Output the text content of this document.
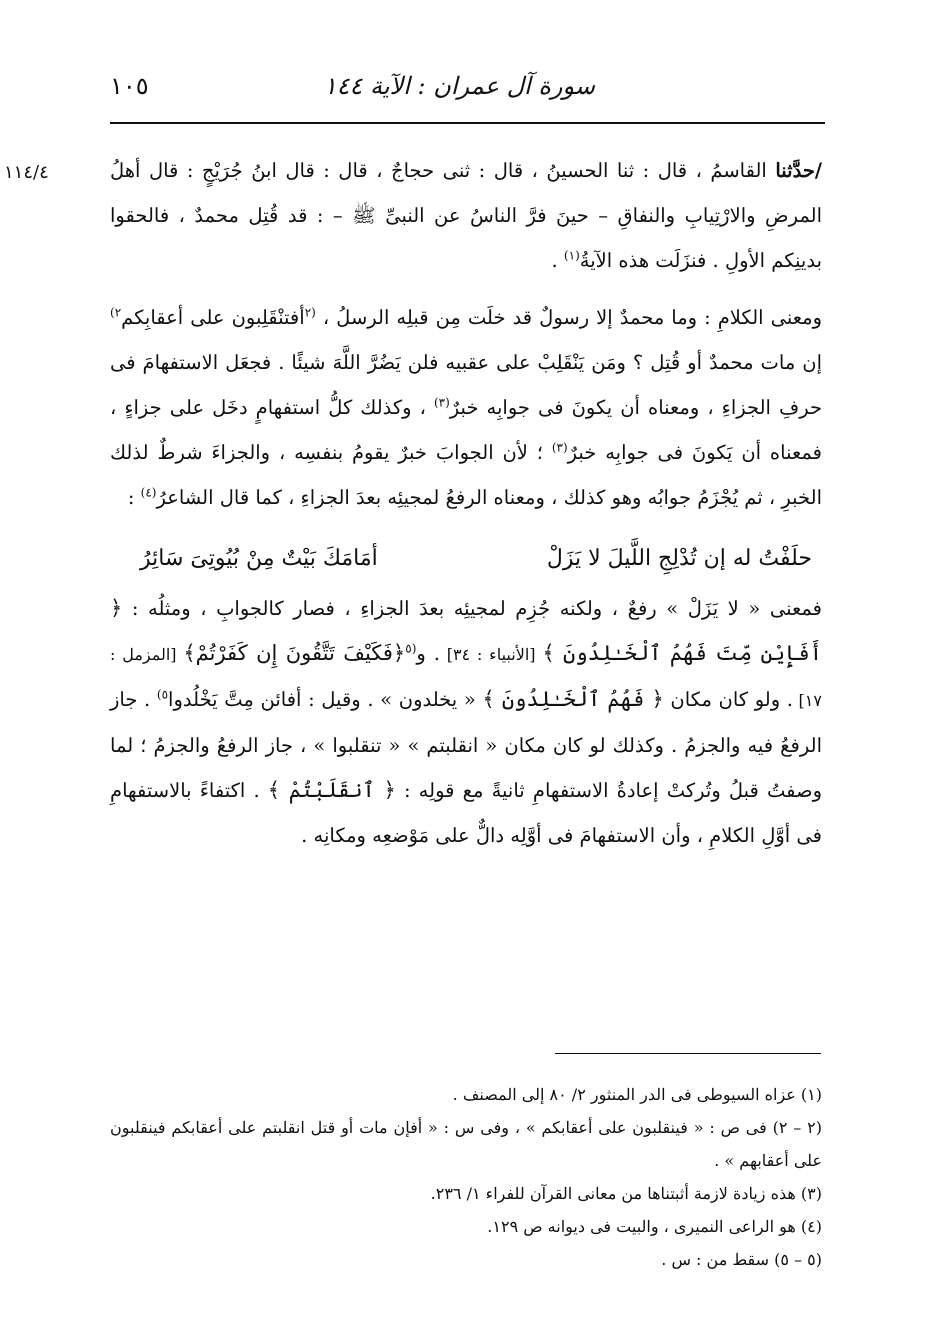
سورة آل عمران : الآية ١٤٤
١٠٥
١١٤/٤	/حدَّثنا القاسمُ ، قال : ثنا الحسينُ ، قال : ثنى حجاجٌ ، قال : قال ابنُ جُرَيْجٍ : قال أهلُ المرضِ والارْتِيابِ والنفاقِ – حينَ فرَّ الناسُ عن النبىِّ ﷺ – : قد قُتِل محمدٌ ، فالحقوا بدينِكم الأولِ . فنزَلَت هذه الآيةُ$^{(١)}$ .

ومعنى الكلامِ : وما محمدٌ إلا رسولٌ قد خلَت مِن قبلِه الرسلُ ، $^{(٢}$أفتنْقَلِبون على أعقابِكم$^{٢)}$ إن مات محمدٌ أو قُتِل ؟ ومَن يَنْقَلِبْ على عقبيه فلن يَضُرَّ اللَّهَ شيئًا . فجعَل الاستفهامَ فى حرفِ الجزاءِ ، ومعناه أن يكونَ فى جوابِه خبرٌ$^{(٣)}$ ، وكذلك كلُّ استفهامٍ دخَل على جزاءٍ ، فمعناه أن يَكونَ فى جوابِه خبرٌ$^{(٣)}$ ؛ لأن الجوابَ خبرٌ يقومُ بنفسِه ، والجزاءَ شرطٌ لذلك الخبرِ ، ثم يُجْزَمُ جوابُه وهو كذلك ، ومعناه الرفعُ لمجيئِه بعدَ الجزاءِ ، كما قال الشاعرُ$^{(٤)}$ :

حلَفْتُ له إن تُدْلِجِ اللَّيلَ لا يَزَلْ
أمَامَكَ بَيْتٌ مِنْ بُيُوتِىَ سَائِرُ

فمعنى « لا يَزَلْ » رفعٌ ، ولكنه جُزِم لمجيئِه بعدَ الجزاءِ ، فصار كالجوابِ ، ومثلُه : ﴿ أَفَإِيْن مِّتَ فَهُمُ ٱلْخَـٰلِدُونَ ﴾ [الأنبياء : ٣٤] . و$^{(٥}$﴿فَكَيْفَ تَتَّقُونَ إِن كَفَرْتُمْ﴾ [المزمل : ١٧] . ولو كان مكان ﴿ فَهُمُ ٱلْخَـٰلِدُونَ ﴾ « يخلدون » . وقيل : أفائن مِتَّ يَخْلُدوا$^{٥)}$ . جاز الرفعُ فيه والجزمُ . وكذلك لو كان مكان « انقلبتم » « تنقلبوا » ، جاز الرفعُ والجزمُ ؛ لما وصفتُ قبلُ وتُركتْ إعادةُ الاستفهامِ ثانيةً مع قولِه : ﴿ ٱنقَلَبْتُمْ ﴾ . اكتفاءً بالاستفهامِ فى أوَّلِ الكلامِ ، وأن الاستفهامَ فى أوَّلِه دالٌّ على مَوْضعِه ومكانِه .

(١) عزاه السيوطى فى الدر المنثور ٢/ ٨٠ إلى المصنف .
(٢ – ٢) فى ص : « فينقلبون على أعقابكم » ، وفى س : « أفإن مات أو قتل انقلبتم على أعقابكم فينقلبون على أعقابهم » .
(٣) هذه زيادة لازمة أثبتناها من معانى القرآن للفراء ١/ ٢٣٦.
(٤) هو الراعى النميرى ، والبيت فى ديوانه ص ١٢٩.
(٥ – ٥) سقط من : س .
